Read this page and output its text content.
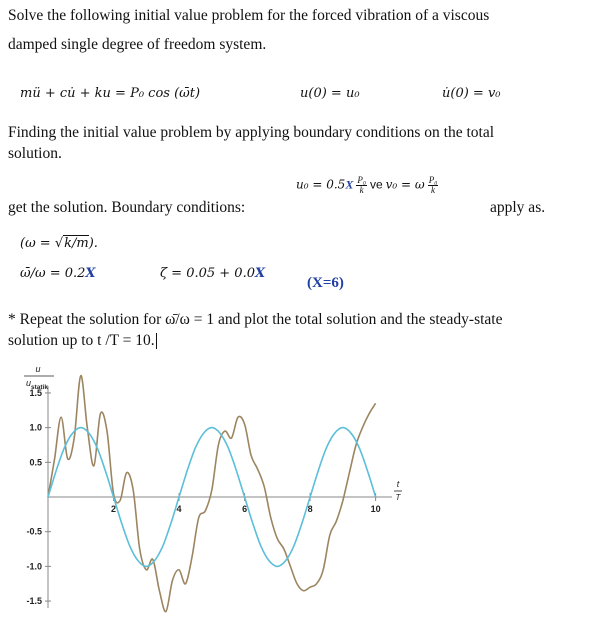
Solve the following initial value problem for the forced vibration of a viscous
damped single degree of freedom system.
mü + cu̇ + ku = P₀ cos (ω̄t)	u(0) = u₀	u̇(0) = v₀
Finding the initial value problem by applying boundary conditions on the total
solution.
get the solution. Boundary conditions:
$u_0 = 0.5X \frac{\text{P₀}}{k}$ ve v₀ = ω $\frac{\text{P₀}}{k}$
apply as.
(ω = √k/m).
ω̄/ω = 0.2X	ζ = 0.05 + 0.0X
(X=6)
* Repeat the solution for ω̄/ω = 1 and plot the total solution and the steady-state
solution up to t /T = 10.
2	4	6	8	10
1.5
1.0
0.5
-0.5
-1.0
-1.5
u
u statik
t
T
